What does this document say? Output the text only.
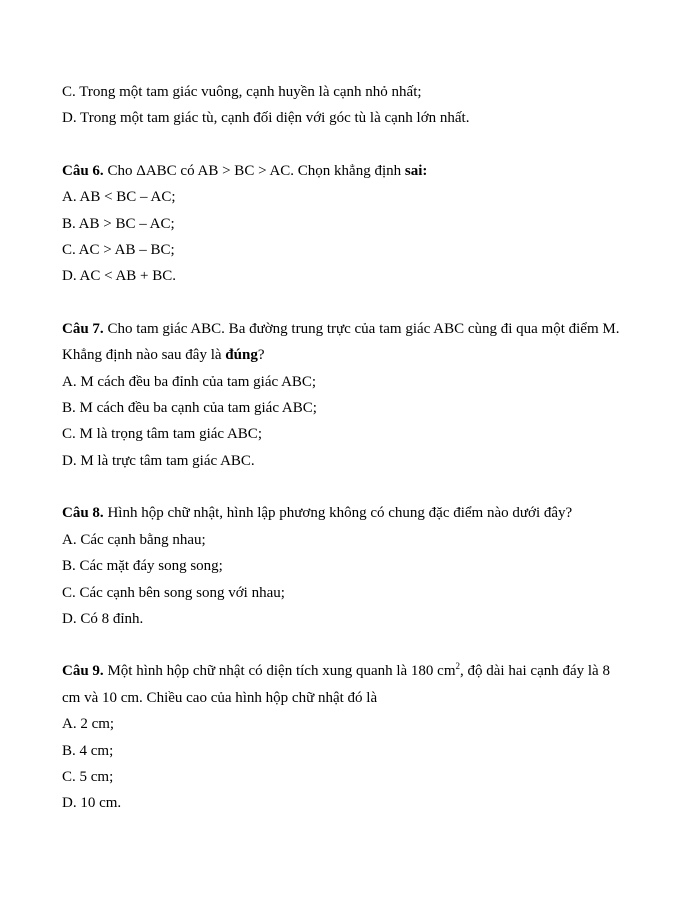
C. Trong một tam giác vuông, cạnh huyền là cạnh nhỏ nhất;
D. Trong một tam giác tù, cạnh đối diện với góc tù là cạnh lớn nhất.
Câu 6. Cho ΔABC có AB > BC > AC. Chọn khẳng định sai:
A. AB < BC – AC;
B. AB > BC – AC;
C. AC > AB – BC;
D. AC < AB + BC.
Câu 7. Cho tam giác ABC. Ba đường trung trực của tam giác ABC cùng đi qua một điểm M.
Khẳng định nào sau đây là đúng?
A. M cách đều ba đỉnh của tam giác ABC;
B. M cách đều ba cạnh của tam giác ABC;
C. M là trọng tâm tam giác ABC;
D. M là trực tâm tam giác ABC.
Câu 8. Hình hộp chữ nhật, hình lập phương không có chung đặc điểm nào dưới đây?
A. Các cạnh bằng nhau;
B. Các mặt đáy song song;
C. Các cạnh bên song song với nhau;
D. Có 8 đỉnh.
Câu 9. Một hình hộp chữ nhật có diện tích xung quanh là 180 $cm^2$, độ dài hai cạnh đáy là 8
cm và 10 cm. Chiều cao của hình hộp chữ nhật đó là
A. 2 cm;
B. 4 cm;
C. 5 cm;
D. 10 cm.
